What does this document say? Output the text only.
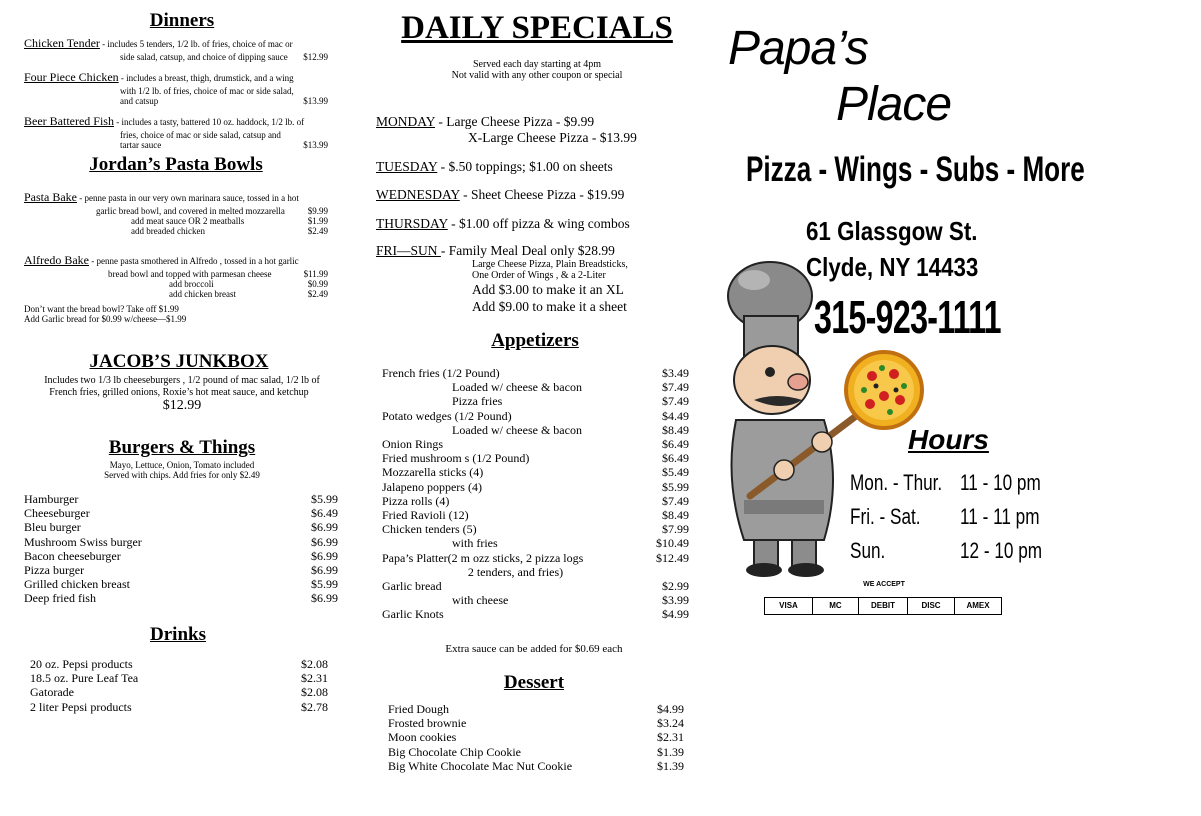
Dinners
Chicken Tender - includes 5 tenders, 1/2 lb. of fries, choice of mac or
side salad, catsup, and choice of dipping sauce $12.99
Four Piece Chicken - includes a breast, thigh, drumstick, and a wing
with 1/2 lb. of fries, choice of mac or side salad,
and catsup	$13.99
Beer Battered Fish - includes a tasty, battered 10 oz. haddock, 1/2 lb. of
fries, choice of mac or side salad, catsup and
tartar sauce	$13.99
Jordan’s Pasta Bowls
Pasta Bake - penne pasta in our very own marinara sauce, tossed in a hot
garlic bread bowl, and covered in melted mozzarella	$9.99
add meat sauce OR 2 meatballs	$1.99
add breaded chicken	$2.49
Alfredo Bake - penne pasta smothered in Alfredo , tossed in a hot garlic
bread bowl and topped with parmesan cheese	$11.99
add broccoli	$0.99
add chicken breast	$2.49
Don’t want the bread bowl? Take off $1.99
Add Garlic bread for $0.99 w/cheese—$1.99
JACOB’S JUNKBOX
Includes two 1/3 lb cheeseburgers , 1/2 pound of mac salad, 1/2 lb of
French fries, grilled onions, Roxie’s hot meat sauce, and ketchup
$12.99
Burgers & Things
Mayo, Lettuce, Onion, Tomato included
Served with chips. Add fries for only $2.49
Hamburger	$5.99
Cheeseburger	$6.49
Bleu burger	$6.99
Mushroom Swiss burger	$6.99
Bacon cheeseburger	$6.99
Pizza burger	$6.99
Grilled chicken breast	$5.99
Deep fried fish	$6.99
Drinks
20 oz. Pepsi products	$2.08
18.5 oz. Pure Leaf Tea	$2.31
Gatorade	$2.08
2 liter Pepsi products	$2.78
DAILY SPECIALS
Served each day starting at 4pm
Not valid with any other coupon or special
MONDAY - Large Cheese Pizza - $9.99
X-Large Cheese Pizza - $13.99
TUESDAY - $.50 toppings; $1.00 on sheets
WEDNESDAY - Sheet Cheese Pizza - $19.99
THURSDAY - $1.00 off pizza & wing combos
FRI—SUN - Family Meal Deal only $28.99
Large Cheese Pizza, Plain Breadsticks,
One Order of Wings , & a 2-Liter
Add $3.00 to make it an XL
Add $9.00 to make it a sheet
Appetizers
French fries (1/2 Pound)	$3.49
Loaded w/ cheese & bacon	$7.49
Pizza fries	$7.49
Potato wedges (1/2 Pound)	$4.49
Loaded w/ cheese & bacon	$8.49
Onion Rings	$6.49
Fried mushroom s (1/2 Pound)	$6.49
Mozzarella sticks (4)	$5.49
Jalapeno poppers (4)	$5.99
Pizza rolls (4)	$7.49
Fried Ravioli (12)	$8.49
Chicken tenders (5)	$7.99
with fries	$10.49
Papa’s Platter(2 m ozz sticks, 2 pizza logs	$12.49
2 tenders, and fries)
Garlic bread	$2.99
with cheese	$3.99
Garlic Knots	$4.99
Extra sauce can be added for $0.69 each
Dessert
Fried Dough	$4.99
Frosted brownie	$3.24
Moon cookies	$2.31
Big Chocolate Chip Cookie	$1.39
Big White Chocolate Mac Nut Cookie	$1.39
Papa’s
Place
Pizza - Wings - Subs - More
61 Glassgow St.
Clyde, NY 14433
315-923-1111
Hours
Mon. - Thur. 11 - 10 pm
Fri. - Sat. 11 - 11 pm
Sun.	12 - 10 pm
WE ACCEPT
VISA	MC	DEBIT	DISC	AMEX
